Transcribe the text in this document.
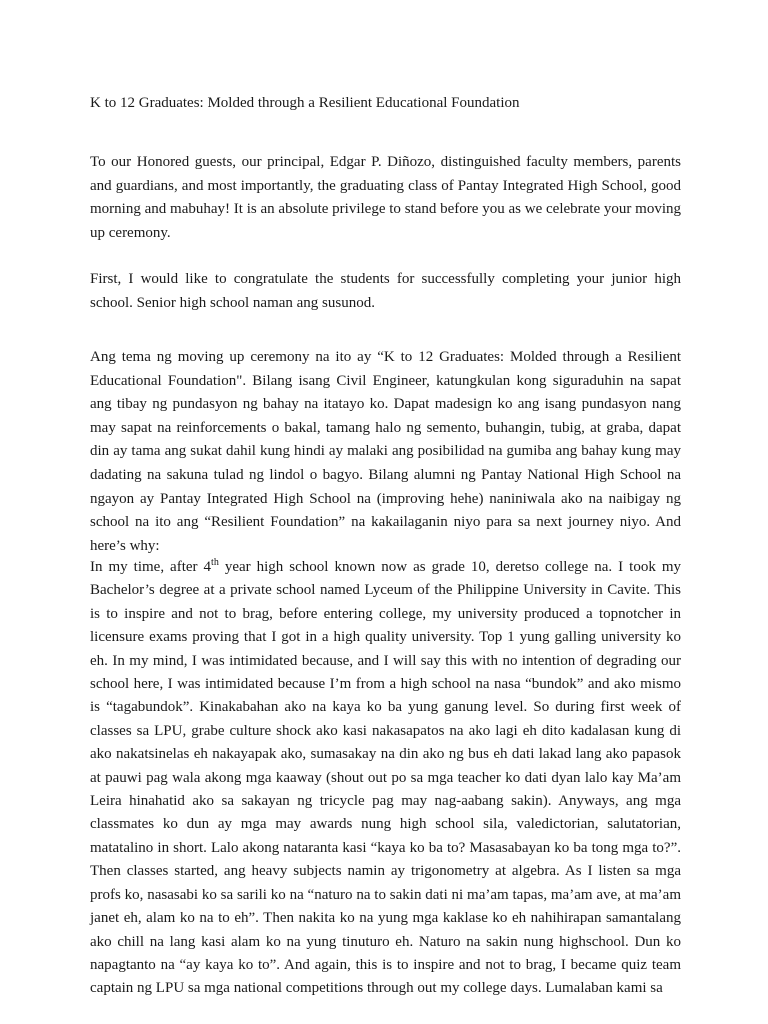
K to 12 Graduates: Molded through a Resilient Educational Foundation

To our Honored guests, our principal, Edgar P. Diñozo, distinguished faculty members, parents and guardians, and most importantly, the graduating class of Pantay Integrated High School, good morning and mabuhay! It is an absolute privilege to stand before you as we celebrate your moving up ceremony.

First, I would like to congratulate the students for successfully completing your junior high school. Senior high school naman ang susunod.

Ang tema ng moving up ceremony na ito ay “K to 12 Graduates: Molded through a Resilient Educational Foundation". Bilang isang Civil Engineer, katungkulan kong siguraduhin na sapat ang tibay ng pundasyon ng bahay na itatayo ko. Dapat madesign ko ang isang pundasyon nang may sapat na reinforcements o bakal, tamang halo ng semento, buhangin, tubig, at graba, dapat din ay tama ang sukat dahil kung hindi ay malaki ang posibilidad na gumiba ang bahay kung may dadating na sakuna tulad ng lindol o bagyo. Bilang alumni ng Pantay National High School na ngayon ay Pantay Integrated High School na (improving hehe) naniniwala ako na naibigay ng school na ito ang “Resilient Foundation” na kakailaganin niyo para sa next journey niyo. And here’s why:

In my time, after 4th year high school known now as grade 10, deretso college na. I took my Bachelor’s degree at a private school named Lyceum of the Philippine University in Cavite. This is to inspire and not to brag, before entering college, my university produced a topnotcher in licensure exams proving that I got in a high quality university. Top 1 yung galling university ko eh. In my mind, I was intimidated because, and I will say this with no intention of degrading our school here, I was intimidated because I’m from a high school na nasa “bundok” and ako mismo is “tagabundok”. Kinakabahan ako na kaya ko ba yung ganung level. So during first week of classes sa LPU, grabe culture shock ako kasi nakasapatos na ako lagi eh dito kadalasan kung di ako nakatsinelas eh nakayapak ako, sumasakay na din ako ng bus eh dati lakad lang ako papasok at pauwi pag wala akong mga kaaway (shout out po sa mga teacher ko dati dyan lalo kay Ma’am Leira hinahatid ako sa sakayan ng tricycle pag may nag-aabang sakin). Anyways, ang mga classmates ko dun ay mga may awards nung high school sila, valedictorian, salutatorian, matatalino in short. Lalo akong nataranta kasi “kaya ko ba to? Masasabayan ko ba tong mga to?”. Then classes started, ang heavy subjects namin ay trigonometry at algebra. As I listen sa mga profs ko, nasasabi ko sa sarili ko na “naturo na to sakin dati ni ma’am tapas, ma’am ave, at ma’am janet eh, alam ko na to eh”. Then nakita ko na yung mga kaklase ko eh nahihirapan samantalang ako chill na lang kasi alam ko na yung tinuturo eh. Naturo na sakin nung highschool. Dun ko napagtanto na “ay kaya ko to”. And again, this is to inspire and not to brag, I became quiz team captain ng LPU sa mga national competitions through out my college days. Lumalaban kami sa
